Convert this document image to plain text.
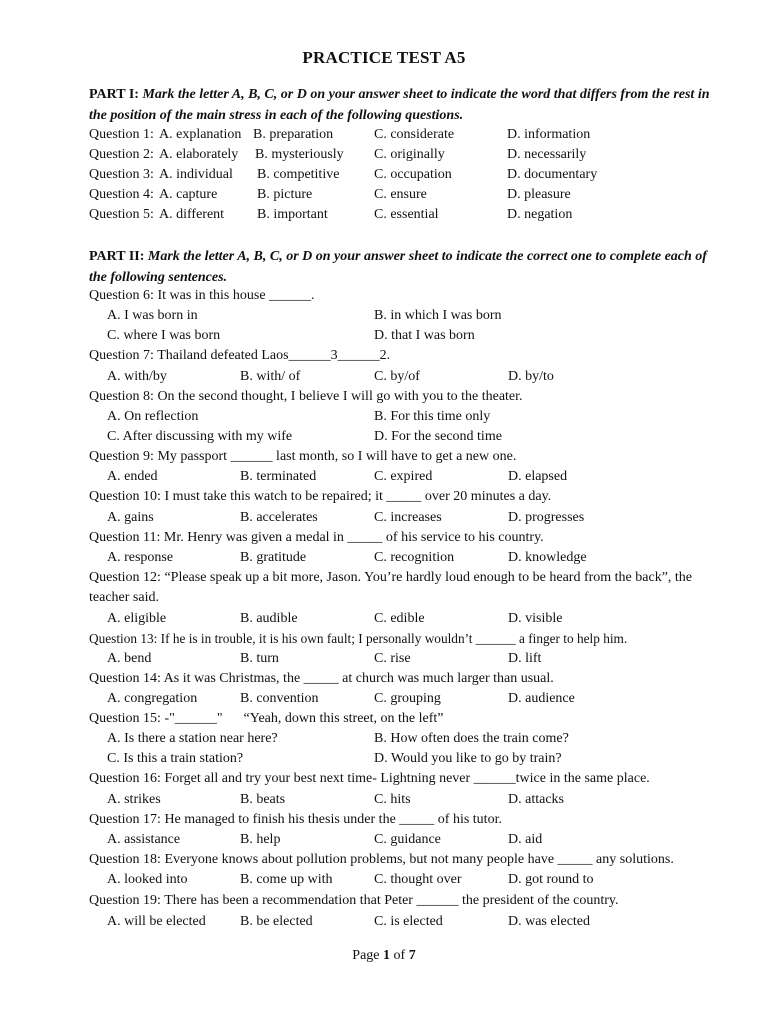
PRACTICE TEST A5
PART I: Mark the letter A, B, C, or D on your answer sheet to indicate the word that differs from the rest in the position of the main stress in each of the following questions.
Question 1: A. explanation B. preparation	C. considerate	D. information
Question 2: A. elaborately B. mysteriously C. originally	D. necessarily
Question 3: A. individual B. competitive C. occupation	D. documentary
Question 4: A. capture	B. picture	C. ensure	D. pleasure
Question 5: A. different B. important	C. essential	D. negation
PART II: Mark the letter A, B, C, or D on your answer sheet to indicate the correct one to complete each of the following sentences.
Question 6: It was in this house ______.
A. I was born in	B. in which I was born
C. where I was born	D. that I was born
Question 7: Thailand defeated Laos______3______2.
A. with/by	B. with/ of	C. by/of	D. by/to
Question 8: On the second thought, I believe I will go with you to the theater.
A. On reflection	B. For this time only
C. After discussing with my wife	D. For the second time
Question 9: My passport ______ last month, so I will have to get a new one.
A. ended	B. terminated	C. expired	D. elapsed
Question 10: I must take this watch to be repaired; it _____ over 20 minutes a day.
A. gains	B. accelerates	C. increases	D. progresses
Question 11: Mr. Henry was given a medal in _____ of his service to his country.
A. response	B. gratitude	C. recognition	D. knowledge
Question 12: “Please speak up a bit more, Jason. You’re hardly loud enough to be heard from the back”, the teacher said.
A. eligible	B. audible	C. edible	D. visible
Question 13: If he is in trouble, it is his own fault; I personally wouldn’t ______ a finger to help him.
A. bend	B. turn	C. rise	D. lift
Question 14: As it was Christmas, the _____ at church was much larger than usual.
A. congregation	B. convention	C. grouping	D. audience
Question 15: -"______"      “Yeah, down this street, on the left”
A. Is there a station near here?	B. How often does the train come?
C. Is this a train station?	D. Would you like to go by train?
Question 16: Forget all and try your best next time- Lightning never ______twice in the same place.
A. strikes	B. beats	C. hits	D. attacks
Question 17: He managed to finish his thesis under the _____ of his tutor.
A. assistance	B. help	C. guidance	D. aid
Question 18: Everyone knows about pollution problems, but not many people have _____ any solutions.
A. looked into	B. come up with	C. thought over	D. got round to
Question 19: There has been a recommendation that Peter ______ the president of the country.
A. will be elected B. be elected	C. is elected	D. was elected
Page 1 of 7
